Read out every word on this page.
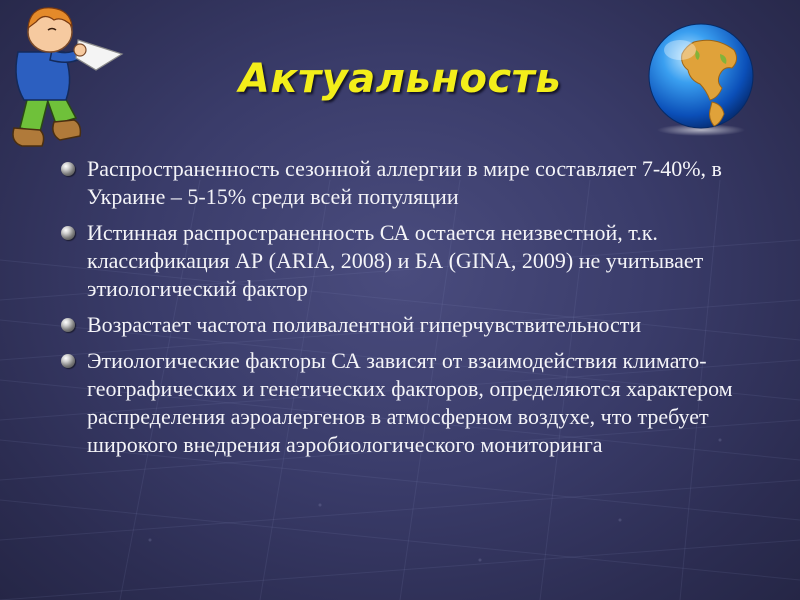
Актуальность
Распространенность сезонной аллергии в мире составляет 7-40%, в Украине – 5-15% среди всей популяции
Истинная распространенность СА остается неизвестной, т.к. классификация АР (ARIA, 2008) и БА (GINA, 2009) не учитывает этиологический фактор
Возрастает частота поливалентной гиперчувствительности
Этиологические факторы СА зависят от взаимодействия климато-географических и генетических факторов, определяются характером распределения аэроалергенов в атмосферном воздухе, что требует широкого внедрения аэробиологического мониторинга
